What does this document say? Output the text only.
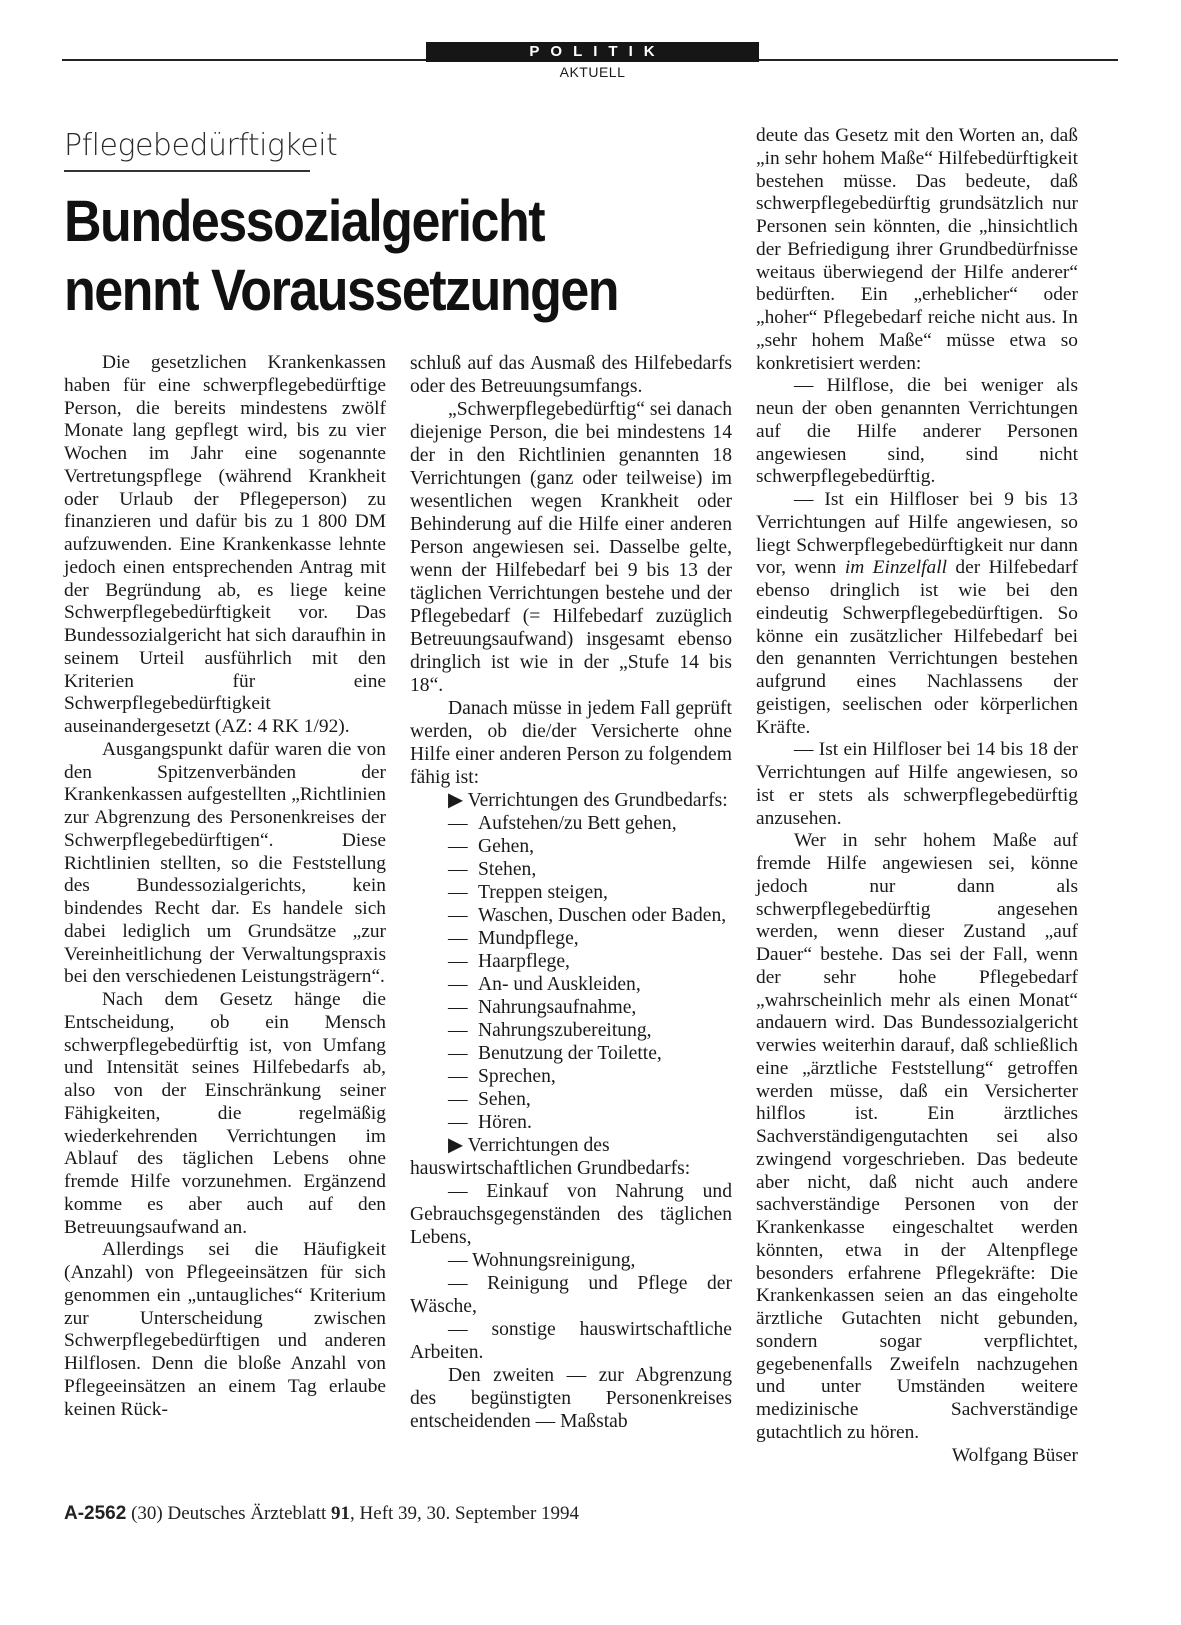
POLITIK
AKTUELL
Pflegebedürftigkeit
Bundessozialgericht
nennt Voraussetzungen

Die gesetzlichen Krankenkassen haben für eine schwerpflegebedürftige Person, die bereits mindestens zwölf Monate lang gepflegt wird, bis zu vier Wochen im Jahr eine sogenannte Vertretungspflege (während Krankheit oder Urlaub der Pflegeperson) zu finanzieren und dafür bis zu 1 800 DM aufzuwenden. Eine Krankenkasse lehnte jedoch einen entsprechenden Antrag mit der Begründung ab, es liege keine Schwerpflegebedürftigkeit vor. Das Bundessozialgericht hat sich daraufhin in seinem Urteil ausführlich mit den Kriterien für eine Schwerpflegebedürftigkeit auseinandergesetzt (AZ: 4 RK 1/92).

Ausgangspunkt dafür waren die von den Spitzenverbänden der Krankenkassen aufgestellten „Richtlinien zur Abgrenzung des Personenkreises der Schwerpflegebedürftigen“. Diese Richtlinien stellten, so die Feststellung des Bundessozialgerichts, kein bindendes Recht dar. Es handele sich dabei lediglich um Grundsätze „zur Vereinheitlichung der Verwaltungspraxis bei den verschiedenen Leistungsträgern“.

Nach dem Gesetz hänge die Entscheidung, ob ein Mensch schwerpflegebedürftig ist, von Umfang und Intensität seines Hilfebedarfs ab, also von der Einschränkung seiner Fähigkeiten, die regelmäßig wiederkehrenden Verrichtungen im Ablauf des täglichen Lebens ohne fremde Hilfe vorzunehmen. Ergänzend komme es aber auch auf den Betreuungsaufwand an.

Allerdings sei die Häufigkeit (Anzahl) von Pflegeeinsätzen für sich genommen ein „untaugliches“ Kriterium zur Unterscheidung zwischen Schwerpflegebedürftigen und anderen Hilflosen. Denn die bloße Anzahl von Pflegeeinsätzen an einem Tag erlaube keinen Rück-

schluß auf das Ausmaß des Hilfebedarfs oder des Betreuungsumfangs.

„Schwerpflegebedürftig“ sei danach diejenige Person, die bei mindestens 14 der in den Richtlinien genannten 18 Verrichtungen (ganz oder teilweise) im wesentlichen wegen Krankheit oder Behinderung auf die Hilfe einer anderen Person angewiesen sei. Dasselbe gelte, wenn der Hilfebedarf bei 9 bis 13 der täglichen Verrichtungen bestehe und der Pflegebedarf (= Hilfebedarf zuzüglich Betreuungsaufwand) insgesamt ebenso dringlich ist wie in der „Stufe 14 bis 18“.

Danach müsse in jedem Fall geprüft werden, ob die/der Versicherte ohne Hilfe einer anderen Person zu folgendem fähig ist:

▶ Verrichtungen des Grundbedarfs:

— Aufstehen/zu Bett gehen,

— Gehen,

— Stehen,

— Treppen steigen,

— Waschen, Duschen oder Baden,

— Mundpflege,

— Haarpflege,

— An- und Auskleiden,

— Nahrungsaufnahme,

— Nahrungszubereitung,

— Benutzung der Toilette,

— Sprechen,

— Sehen,

— Hören.

▶ Verrichtungen des hauswirtschaftlichen Grundbedarfs:

— Einkauf von Nahrung und Gebrauchsgegenständen des täglichen Lebens,

— Wohnungsreinigung,

— Reinigung und Pflege der Wäsche,

— sonstige hauswirtschaftliche Arbeiten.

Den zweiten — zur Abgrenzung des begünstigten Personenkreises entscheidenden — Maßstab

deute das Gesetz mit den Worten an, daß „in sehr hohem Maße“ Hilfebedürftigkeit bestehen müsse. Das bedeute, daß schwerpflegebedürftig grundsätzlich nur Personen sein könnten, die „hinsichtlich der Befriedigung ihrer Grundbedürfnisse weitaus überwiegend der Hilfe anderer“ bedürften. Ein „erheblicher“ oder „hoher“ Pflegebedarf reiche nicht aus. In „sehr hohem Maße“ müsse etwa so konkretisiert werden:

— Hilflose, die bei weniger als neun der oben genannten Verrichtungen auf die Hilfe anderer Personen angewiesen sind, sind nicht schwerpflegebedürftig.

— Ist ein Hilfloser bei 9 bis 13 Verrichtungen auf Hilfe angewiesen, so liegt Schwerpflegebedürftigkeit nur dann vor, wenn im Einzelfall der Hilfebedarf ebenso dringlich ist wie bei den eindeutig Schwerpflegebedürftigen. So könne ein zusätzlicher Hilfebedarf bei den genannten Verrichtungen bestehen aufgrund eines Nachlassens der geistigen, seelischen oder körperlichen Kräfte.

— Ist ein Hilfloser bei 14 bis 18 der Verrichtungen auf Hilfe angewiesen, so ist er stets als schwerpflegebedürftig anzusehen.

Wer in sehr hohem Maße auf fremde Hilfe angewiesen sei, könne jedoch nur dann als schwerpflegebedürftig angesehen werden, wenn dieser Zustand „auf Dauer“ bestehe. Das sei der Fall, wenn der sehr hohe Pflegebedarf „wahrscheinlich mehr als einen Monat“ andauern wird. Das Bundessozialgericht verwies weiterhin darauf, daß schließlich eine „ärztliche Feststellung“ getroffen werden müsse, daß ein Versicherter hilflos ist. Ein ärztliches Sachverständigengutachten sei also zwingend vorgeschrieben. Das bedeute aber nicht, daß nicht auch andere sachverständige Personen von der Krankenkasse eingeschaltet werden könnten, etwa in der Altenpflege besonders erfahrene Pflegekräfte: Die Krankenkassen seien an das eingeholte ärztliche Gutachten nicht gebunden, sondern sogar verpflichtet, gegebenenfalls Zweifeln nachzugehen und unter Umständen weitere medizinische Sachverständige gutachtlich zu hören.

Wolfgang Büser

A-2562 (30) Deutsches Ärzteblatt 91, Heft 39, 30. September 1994
